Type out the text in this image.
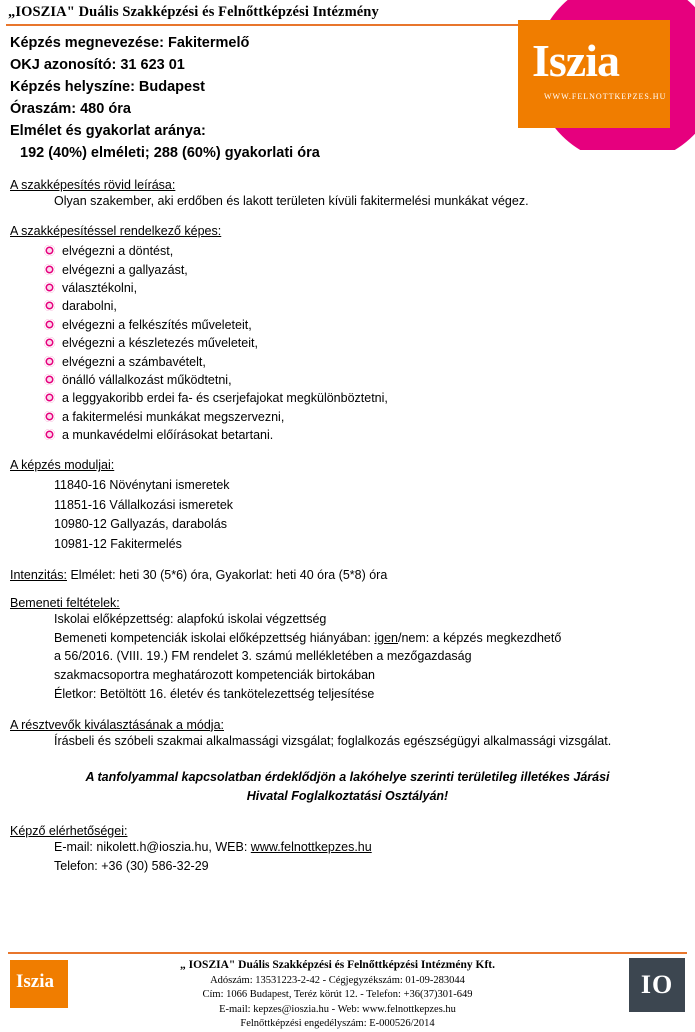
„IOSZIA" Duális Szakképzési és Felnőttképzési Intézmény
Iszia
WWW.FELNOTTKEPZES.HU
Képzés megnevezése: Fakitermelő
OKJ azonosító: 31 623 01
Képzés helyszíne: Budapest
Óraszám: 480 óra
Elmélet és gyakorlat aránya:
192 (40%) elméleti; 288 (60%) gyakorlati óra
A szakképesítés rövid leírása:
Olyan szakember, aki erdőben és lakott területen kívüli fakitermelési munkákat végez.
A szakképesítéssel rendelkező képes:
elvégezni a döntést,
elvégezni a gallyazást,
választékolni,
darabolni,
elvégezni a felkészítés műveleteit,
elvégezni a készletezés műveleteit,
elvégezni a számbavételt,
önálló vállalkozást működtetni,
a leggyakoribb erdei fa- és cserjefajokat megkülönböztetni,
a fakitermelési munkákat megszervezni,
a munkavédelmi előírásokat betartani.
A képzés moduljai:
11840-16 Növénytani ismeretek
11851-16 Vállalkozási ismeretek
10980-12 Gallyazás, darabolás
10981-12 Fakitermelés
Intenzitás: Elmélet: heti 30 (5*6) óra, Gyakorlat: heti 40 óra (5*8) óra
Bemeneti feltételek:
Iskolai előképzettség: alapfokú iskolai végzettség
Bemeneti kompetenciák iskolai előképzettség hiányában: igen/nem: a képzés megkezdhető
a 56/2016. (VIII. 19.) FM rendelet 3. számú mellékletében a mezőgazdaság
szakmacsoportra meghatározott kompetenciák birtokában
Életkor: Betöltött 16. életév és tankötelezettség teljesítése
A résztvevők kiválasztásának a módja:
Írásbeli és szóbeli szakmai alkalmassági vizsgálat; foglalkozás egészségügyi alkalmassági vizsgálat.
A tanfolyammal kapcsolatban érdeklődjön a lakóhelye szerinti területileg illetékes Járási
Hivatal Foglalkoztatási Osztályán!
Képző elérhetőségei:
E-mail: nikolett.h@ioszia.hu, WEB: www.felnottkepzes.hu
Telefon: +36 (30) 586-32-29
Iszia
„ IOSZIA" Duális Szakképzési és Felnőttképzési Intézmény Kft.
Adószám: 13531223-2-42 - Cégjegyzékszám: 01-09-283044
Cím: 1066 Budapest, Teréz körút 12. - Telefon: +36(37)301-649
E-mail: kepzes@ioszia.hu - Web: www.felnottkepzes.hu
Felnőttképzési engedélyszám: E-000526/2014
IO
